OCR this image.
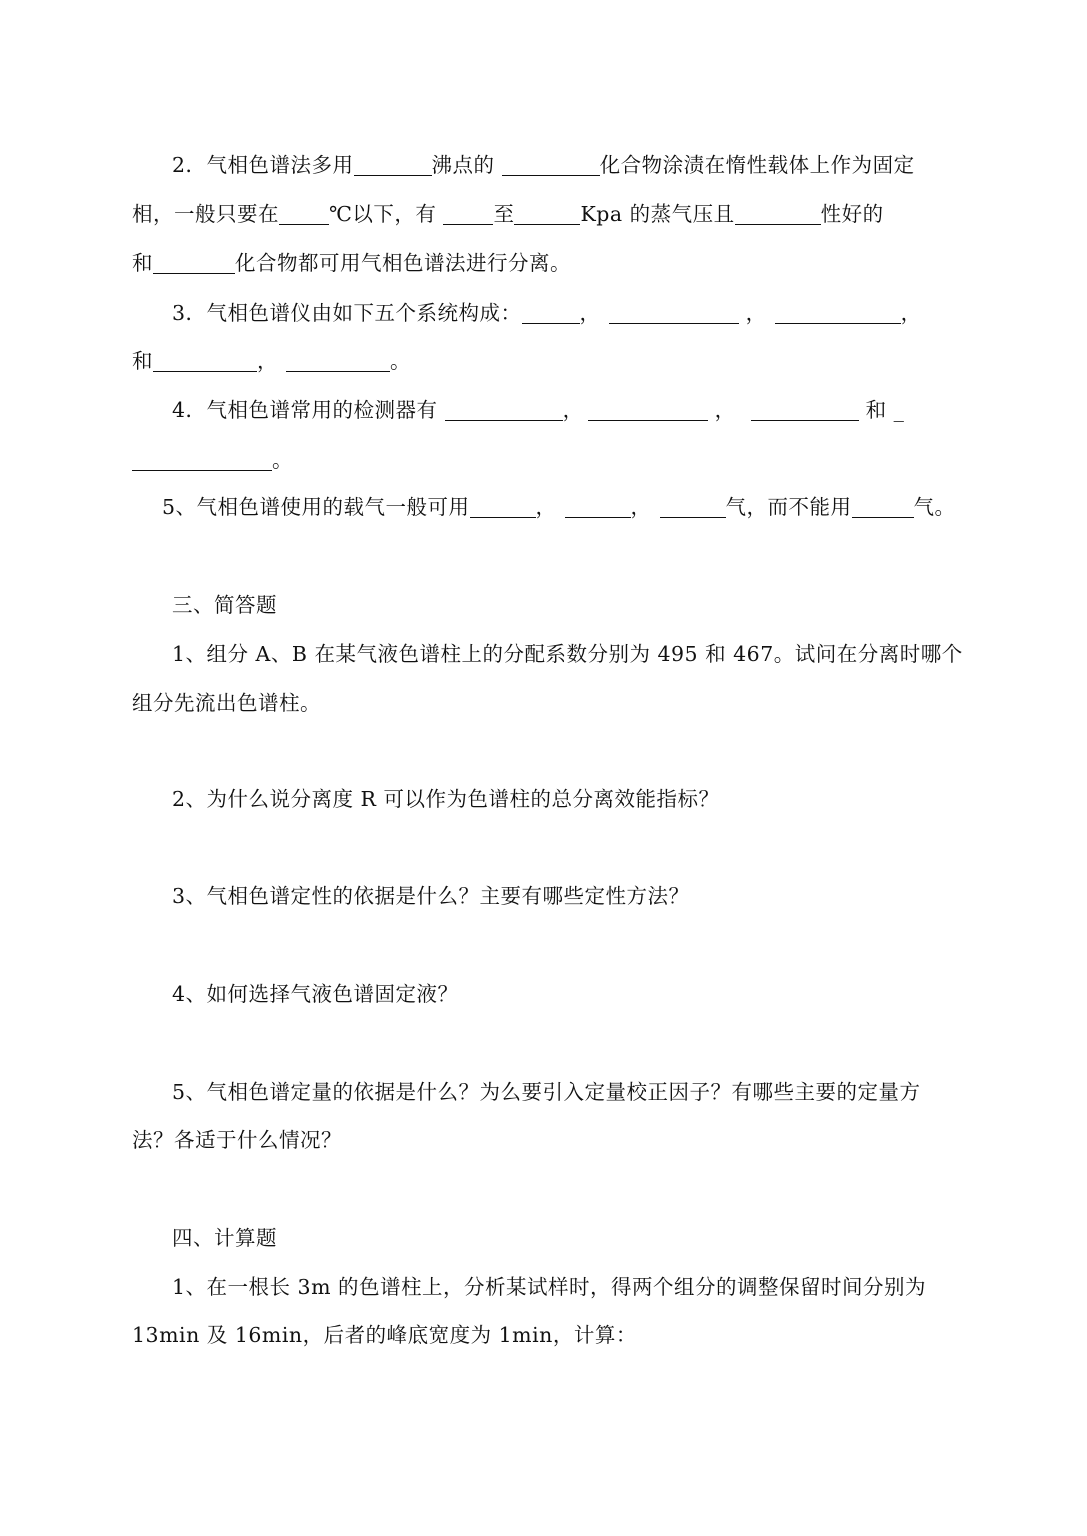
2．气相色谱法多用	沸点的	化合物涂渍在惰性载体上作为固定
相，一般只要在 ℃以下，有 至	Kpa 的蒸气压且	性好的
和	化合物都可用气相色谱法进行分离。
3．气相色谱仪由如下五个系统构成：	，	，	，
和	，	。
4．气相色谱常用的检测器有	，	，	和 _
。
5、气相色谱使用的载气一般可用	，	，	气，而不能用	气。
三、简答题
1、组分 A、B 在某气液色谱柱上的分配系数分别为 495 和 467。试问在分离时哪个
组分先流出色谱柱。
2、为什么说分离度 R 可以作为色谱柱的总分离效能指标？
3、气相色谱定性的依据是什么？主要有哪些定性方法？
4、如何选择气液色谱固定液？
5、气相色谱定量的依据是什么？为么要引入定量校正因子？有哪些主要的定量方
法？各适于什么情况？
四、计算题
1、在一根长 3m 的色谱柱上，分析某试样时，得两个组分的调整保留时间分别为
13min 及 16min，后者的峰底宽度为 1min，计算：
